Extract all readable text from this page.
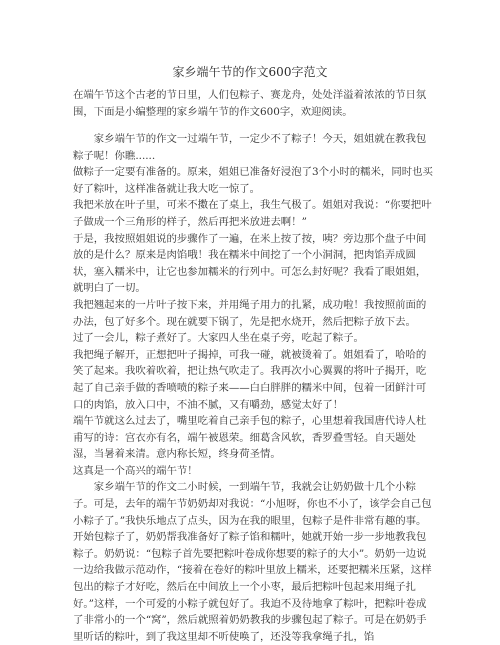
家乡端午节的作文600字范文

在端午节这个古老的节日里，人们包粽子、赛龙舟，处处洋溢着浓浓的节日氛围，下面是小编整理的家乡端午节的作文600字，欢迎阅读。

家乡端午节的作文一过端午节，一定少不了粽子！今天，姐姐就在教我包粽子呢！你瞧......

做粽子一定要有准备的。原来，姐姐已准备好浸泡了3个小时的糯米，同时也买好了粽叶，这样准备就让我大吃一惊了。

我把米放在叶子里，可米不擞在了桌上，我生气极了。姐姐对我说：“你要把叶子做成一个三角形的样子，然后再把米放进去啊！”

于是，我按照姐姐说的步骤作了一遍，在米上按了按，咦？旁边那个盘子中间放的是什么？原来是肉馅哦！我在糯米中间挖了一个小洞洞，把肉馅弄成圆状，塞入糯米中，让它也参加糯米的行列中。可怎么封好呢？我看了眼姐姐，就明白了一切。

我把翘起来的一片叶子按下来，并用绳子用力的扎紧，成功啦！我按照前面的办法，包了好多个。现在就要下锅了，先是把水烧开，然后把粽子放下去。

过了一会儿，粽子煮好了。大家四人坐在桌子旁，吃起了粽子。

我把绳子解开，正想把叶子揭掉，可我一碰，就被烫着了。姐姐看了，哈哈的笑了起来。我吹着吹着，把让热气吹走了。我再次小心翼翼的将叶子揭开，吃起了自己亲手做的香喷喷的粽子来——白白胖胖的糯米中间，包着一团鲜汁可口的肉馅，放入口中，不油不腻，又有嚼劲，感觉太好了！

端午节就这么过去了，嘴里吃着自己亲手包的粽子，心里想着我国唐代诗人杜甫写的诗：宫衣亦有名，端午被恩荣。细葛含风软，香罗叠雪轻。自天题处湿，当暑着来清。意内称长短，终身荷圣情。

这真是一个高兴的端午节！

家乡端午节的作文二小时候，一到端午节，我就会让奶奶做十几个小粽子。可是，去年的端午节奶奶却对我说：“小旭呀，你也不小了，该学会自己包小粽子了。”我快乐地点了点头，因为在我的眼里，包粽子是件非常有趣的事。

开始包粽子了，奶奶帮我准备好了粽子馅和糯叶，她就开始一步一步地教我包粽子。奶奶说：“包粽子首先要把粽叶卷成你想要的粽子的大小”。奶奶一边说一边给我做示范动作，“接着在卷好的粽叶里放上糯米，还要把糯米压紧，这样包出的粽子才好吃，然后在中间放上一个小枣，最后把粽叶包起来用绳子扎好。”这样，一个可爱的小粽子就包好了。我迫不及待地拿了粽叶，把粽叶卷成了非常小的一个“窝”，然后就照着奶奶教我的步骤包起了粽子。可是在奶奶手里听话的粽叶，到了我这里却不听使唤了，还没等我拿绳子扎，馅
